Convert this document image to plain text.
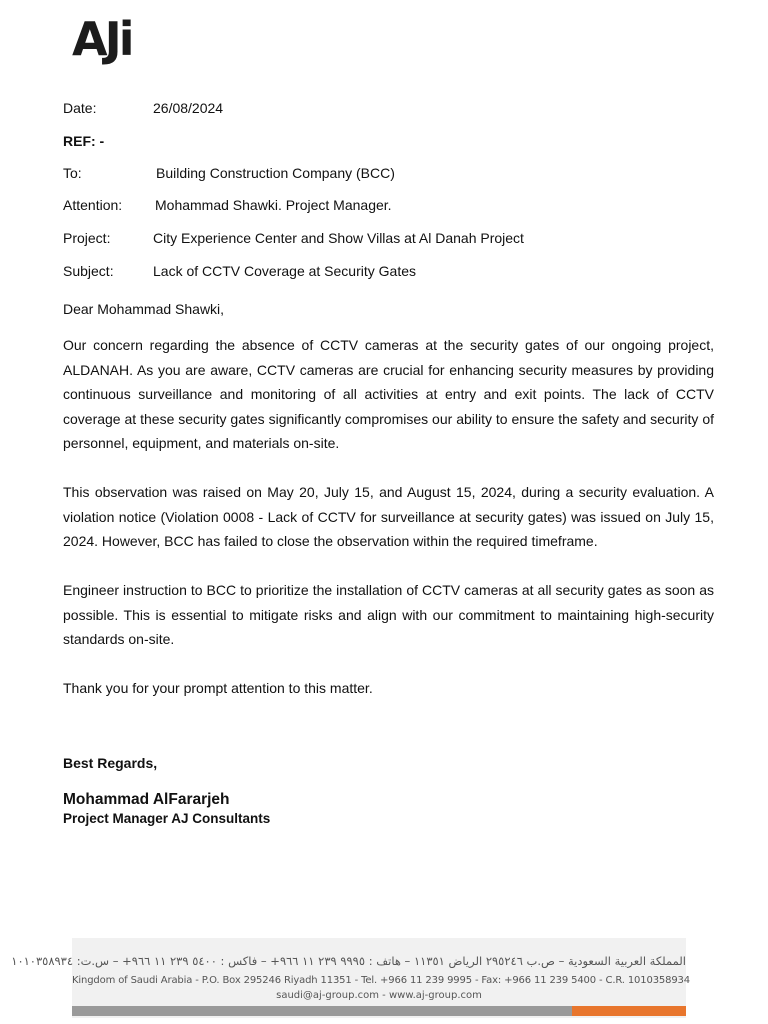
AJi
Date:	26/08/2024
REF: -
To:	Building Construction Company (BCC)
Attention: Mohammad Shawki. Project Manager.
Project:	City Experience Center and Show Villas at Al Danah Project
Subject:	Lack of CCTV Coverage at Security Gates
Dear Mohammad Shawki,

Our concern regarding the absence of CCTV cameras at the security gates of our ongoing project, ALDANAH. As you are aware, CCTV cameras are crucial for enhancing security measures by providing continuous surveillance and monitoring of all activities at entry and exit points. The lack of CCTV coverage at these security gates significantly compromises our ability to ensure the safety and security of personnel, equipment, and materials on-site.

This observation was raised on May 20, July 15, and August 15, 2024, during a security evaluation. A violation notice (Violation 0008 - Lack of CCTV for surveillance at security gates) was issued on July 15, 2024. However, BCC has failed to close the observation within the required timeframe.

Engineer instruction to BCC to prioritize the installation of CCTV cameras at all security gates as soon as possible. This is essential to mitigate risks and align with our commitment to maintaining high-security standards on-site.

Thank you for your prompt attention to this matter.

Best Regards,
Mohammad AlFararjeh
Project Manager AJ Consultants
المملكة العربية السعودية – ص.ب ٢٩٥٢٤٦ الرياض ١١٣٥١ – هاتف : ٩٩٩٥ ٢٣٩ ١١ ٩٦٦+ – فاكس : ٥٤٠٠ ٢٣٩ ١١ ٩٦٦+ – س.ت: ١٠١٠٣٥٨٩٣٤
Kingdom of Saudi Arabia - P.O. Box 295246 Riyadh 11351 - Tel. +966 11 239 9995 - Fax: +966 11 239 5400 - C.R. 1010358934
saudi@aj-group.com - www.aj-group.com
